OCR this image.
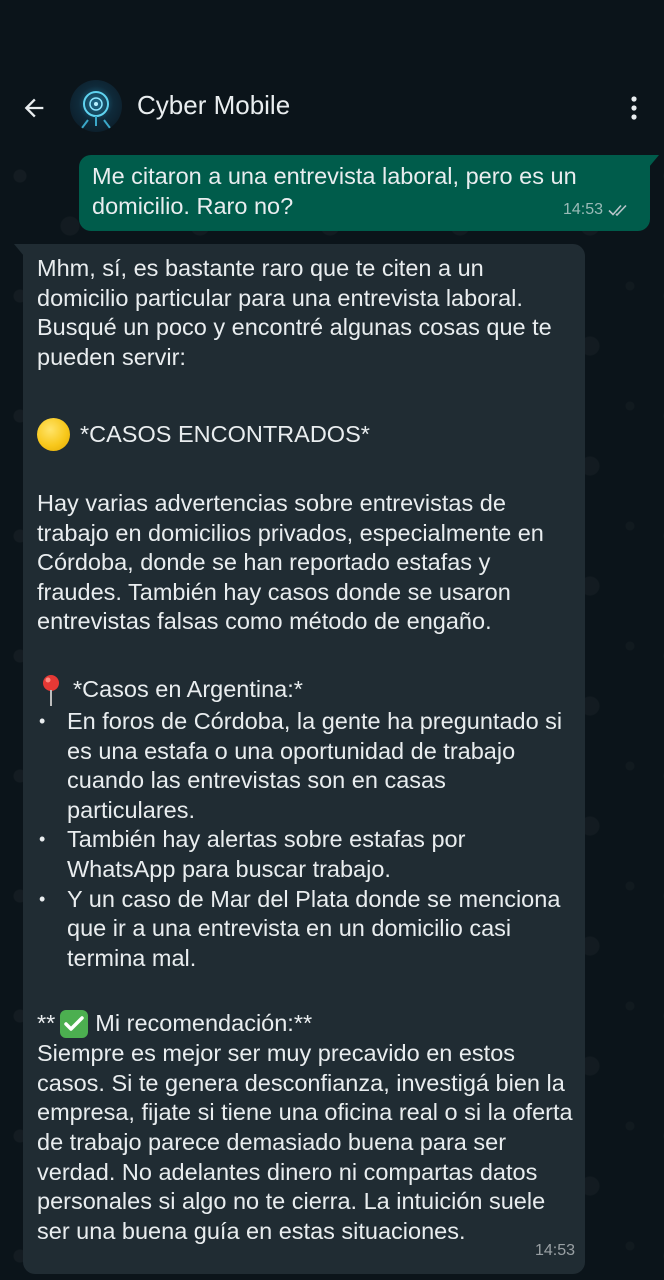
Cyber Mobile

Me citaron a una entrevista laboral, pero es un domicilio. Raro no?	14:53

Mhm, sí, es bastante raro que te citen a un domicilio particular para una entrevista laboral. Busqué un poco y encontré algunas cosas que te pueden servir:

*CASOS ENCONTRADOS*

Hay varias advertencias sobre entrevistas de trabajo en domicilios privados, especialmente en Córdoba, donde se han reportado estafas y fraudes. También hay casos donde se usaron entrevistas falsas como método de engaño.

*Casos en Argentina:*
• En foros de Córdoba, la gente ha preguntado si es una estafa o una oportunidad de trabajo cuando las entrevistas son en casas particulares.
• También hay alertas sobre estafas por WhatsApp para buscar trabajo.
• Y un caso de Mar del Plata donde se menciona que ir a una entrevista en un domicilio casi termina mal.
** Mi recomendación:**

Siempre es mejor ser muy precavido en estos casos. Si te genera desconfianza, investigá bien la empresa, fijate si tiene una oficina real o si la oferta de trabajo parece demasiado buena para ser verdad. No adelantes dinero ni compartas datos personales si algo no te cierra. La intuición suele ser una buena guía en estas situaciones.

14:53
